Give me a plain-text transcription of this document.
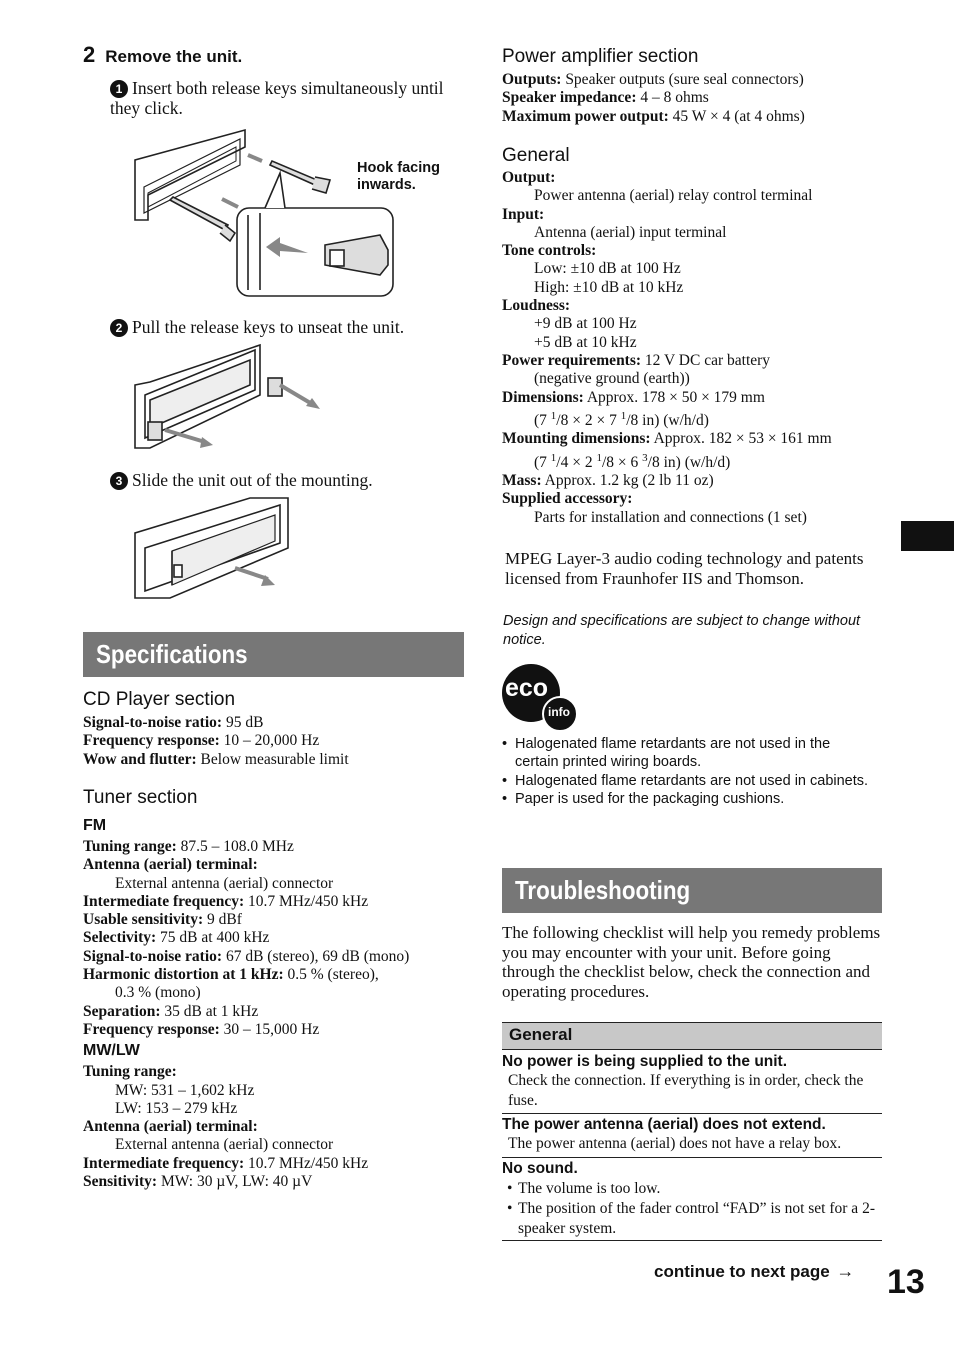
2 Remove the unit.
1 Insert both release keys simultaneously until they click.
Hook facing inwards.
2 Pull the release keys to unseat the unit.
3 Slide the unit out of the mounting.
Specifications
CD Player section
Signal-to-noise ratio: 95 dB
Frequency response: 10 – 20,000 Hz
Wow and flutter: Below measurable limit
Tuner section
FM
Tuning range: 87.5 – 108.0 MHz
Antenna (aerial) terminal:
External antenna (aerial) connector
Intermediate frequency: 10.7 MHz/450 kHz
Usable sensitivity: 9 dBf
Selectivity: 75 dB at 400 kHz
Signal-to-noise ratio: 67 dB (stereo), 69 dB (mono)
Harmonic distortion at 1 kHz: 0.5 % (stereo),
0.3 % (mono)
Separation: 35 dB at 1 kHz
Frequency response: 30 – 15,000 Hz
MW/LW
Tuning range:
MW: 531 – 1,602 kHz
LW: 153 – 279 kHz
Antenna (aerial) terminal:
External antenna (aerial) connector
Intermediate frequency: 10.7 MHz/450 kHz
Sensitivity: MW: 30 µV, LW: 40 µV
Power amplifier section
Outputs: Speaker outputs (sure seal connectors)
Speaker impedance: 4 – 8 ohms
Maximum power output: 45 W × 4 (at 4 ohms)
General
Output:
Power antenna (aerial) relay control terminal
Input:
Antenna (aerial) input terminal
Tone controls:
Low: ±10 dB at 100 Hz
High: ±10 dB at 10 kHz
Loudness:
+9 dB at 100 Hz
+5 dB at 10 kHz
Power requirements: 12 V DC car battery
(negative ground (earth))
Dimensions: Approx. 178 × 50 × 179 mm
(7 $^1$/8 × 2 × 7 $^1$/8 in) (w/h/d)
Mounting dimensions: Approx. 182 × 53 × 161 mm
(7 $^1$/4 × 2 $^1$/8 × 6 $^3$/8 in) (w/h/d)
Mass: Approx. 1.2 kg (2 lb 11 oz)
Supplied accessory:
Parts for installation and connections (1 set)
MPEG Layer-3 audio coding technology and patents licensed from Fraunhofer IIS and Thomson.
Design and specifications are subject to change without notice.
eco
info
• Halogenated flame retardants are not used in the certain printed wiring boards.
• Halogenated flame retardants are not used in cabinets.
• Paper is used for the packaging cushions.
Troubleshooting
The following checklist will help you remedy problems you may encounter with your unit. Before going through the checklist below, check the connection and operating procedures.
General
No power is being supplied to the unit.
Check the connection. If everything is in order, check the fuse.
The power antenna (aerial) does not extend.
The power antenna (aerial) does not have a relay box.
No sound.
• The volume is too low.
• The position of the fader control “FAD” is not set for a 2-speaker system.
continue to next page → 13
